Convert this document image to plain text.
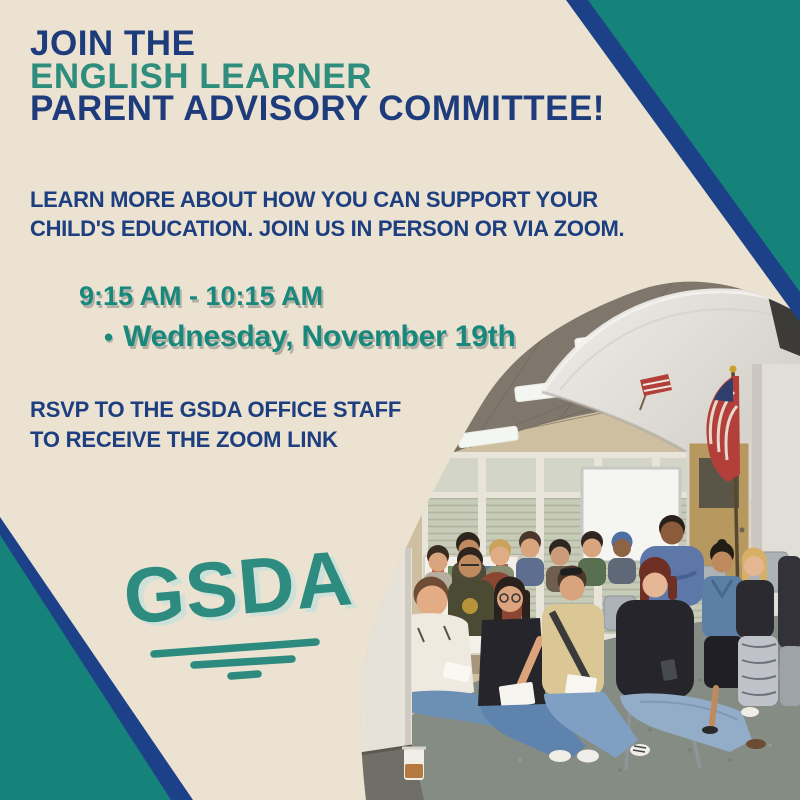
JOIN THE
ENGLISH LEARNER
PARENT ADVISORY COMMITTEE!
LEARN MORE ABOUT HOW YOU CAN SUPPORT YOUR
CHILD'S EDUCATION. JOIN US IN PERSON OR VIA ZOOM.
9:15 AM - 10:15 AM
• Wednesday, November 19th
RSVP TO THE GSDA OFFICE STAFF
TO RECEIVE THE ZOOM LINK
GSDA
